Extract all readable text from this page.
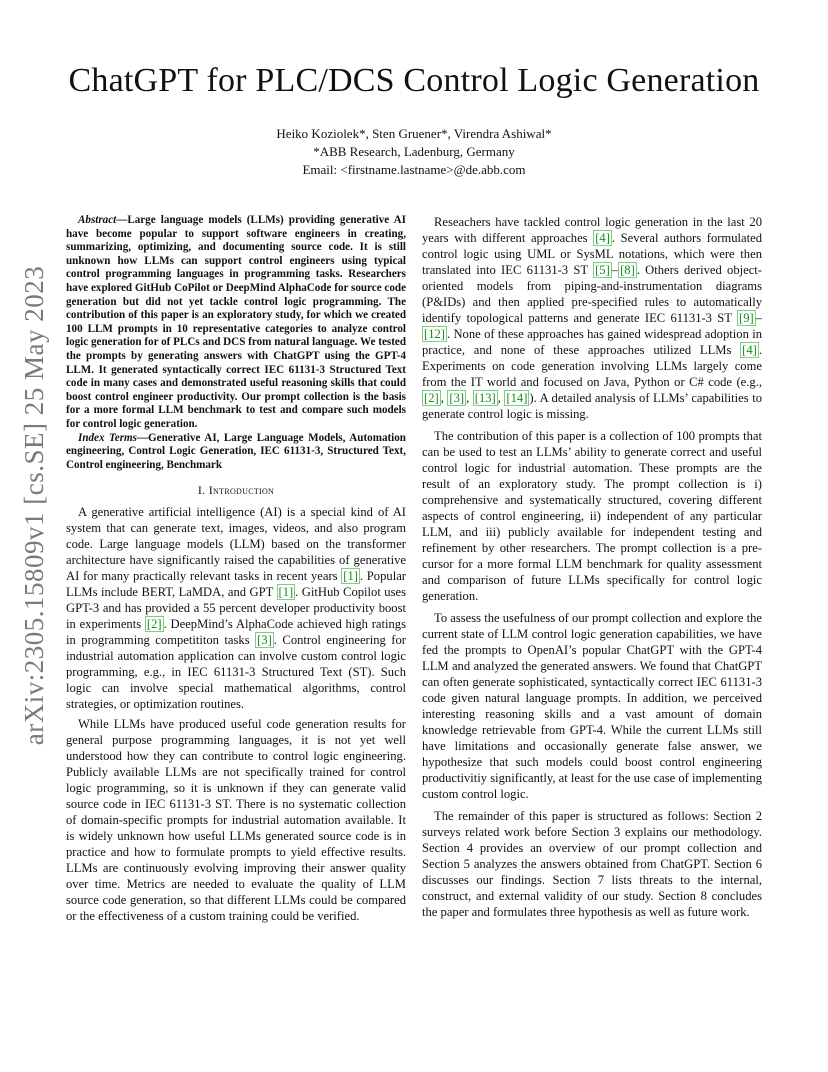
arXiv:2305.15809v1 [cs.SE] 25 May 2023
ChatGPT for PLC/DCS Control Logic Generation
Heiko Koziolek*, Sten Gruener*, Virendra Ashiwal*
*ABB Research, Ladenburg, Germany
Email: <firstname.lastname>@de.abb.com

Abstract—Large language models (LLMs) providing generative AI have become popular to support software engineers in creating, summarizing, optimizing, and documenting source code. It is still unknown how LLMs can support control engineers using typical control programming languages in programming tasks. Researchers have explored GitHub CoPilot or DeepMind AlphaCode for source code generation but did not yet tackle control logic programming. The contribution of this paper is an exploratory study, for which we created 100 LLM prompts in 10 representative categories to analyze control logic generation for of PLCs and DCS from natural language. We tested the prompts by generating answers with ChatGPT using the GPT-4 LLM. It generated syntactically correct IEC 61131-3 Structured Text code in many cases and demonstrated useful reasoning skills that could boost control engineer productivity. Our prompt collection is the basis for a more formal LLM benchmark to test and compare such models for control logic generation.

Index Terms—Generative AI, Large Language Models, Automation engineering, Control Logic Generation, IEC 61131-3, Structured Text, Control engineering, Benchmark

I. Introduction

A generative artificial intelligence (AI) is a special kind of AI system that can generate text, images, videos, and also program code. Large language models (LLM) based on the transformer architecture have significantly raised the capabilities of generative AI for many practically relevant tasks in recent years [1] . Popular LLMs include BERT, LaMDA, and GPT [1] . GitHub Copilot uses GPT-3 and has provided a 55 percent developer productivity boost in experiments [2] . DeepMind’s AlphaCode achieved high ratings in programming competititon tasks [3] . Control engineering for industrial automation application can involve custom control logic programming, e.g., in IEC 61131-3 Structured Text (ST). Such logic can involve special mathematical algorithms, control strategies, or optimization routines.

While LLMs have produced useful code generation results for general purpose programming languages, it is not yet well understood how they can contribute to control logic engineering. Publicly available LLMs are not specifically trained for control logic programming, so it is unknown if they can generate valid source code in IEC 61131-3 ST. There is no systematic collection of domain-specific prompts for industrial automation available. It is widely unknown how useful LLMs generated source code is in practice and how to formulate prompts to yield effective results. LLMs are continuously evolving improving their answer quality over time. Metrics are needed to evaluate the quality of LLM source code generation, so that different LLMs could be compared or the effectiveness of a custom training could be verified.

Reseachers have tackled control logic generation in the last 20 years with different approaches [4] . Several authors formulated control logic using UML or SysML notations, which were then translated into IEC 61131-3 ST [5] – [8] . Others derived object-oriented models from piping-and-instrumentation diagrams (P&IDs) and then applied pre-specified rules to automatically identify topological patterns and generate IEC 61131-3 ST [9] –[12] . None of these approaches has gained widespread adoption in practice, and none of these approaches utilized LLMs [4] . Experiments on code generation involving LLMs largely come from the IT world and focused on Java, Python or C# code (e.g., [2] , [3] , [13] , [14] ). A detailed analysis of LLMs’ capabilities to generate control logic is missing.

The contribution of this paper is a collection of 100 prompts that can be used to test an LLMs’ ability to generate correct and useful control logic for industrial automation. These prompts are the result of an exploratory study. The prompt collection is i) comprehensive and systematically structured, covering different aspects of control engineering, ii) independent of any particular LLM, and iii) publicly available for independent testing and refinement by other researchers. The prompt collection is a pre-cursor for a more formal LLM benchmark for quality assessment and comparison of future LLMs specifically for control logic generation.

To assess the usefulness of our prompt collection and explore the current state of LLM control logic generation capabilities, we have fed the prompts to OpenAI’s popular ChatGPT with the GPT-4 LLM and analyzed the generated answers. We found that ChatGPT can often generate sophisticated, syntactically correct IEC 61131-3 code given natural language prompts. In addition, we perceived interesting reasoning skills and a vast amount of domain knowledge retrievable from GPT-4. While the current LLMs still have limitations and occasionally generate false answer, we hypothesize that such models could boost control engineering productivitiy significantly, at least for the use case of implementing custom control logic.

The remainder of this paper is structured as follows: Section 2 surveys related work before Section 3 explains our methodology. Section 4 provides an overview of our prompt collection and Section 5 analyzes the answers obtained from ChatGPT. Section 6 discusses our findings. Section 7 lists threats to the internal, construct, and external validity of our study. Section 8 concludes the paper and formulates three hypothesis as well as future work.
